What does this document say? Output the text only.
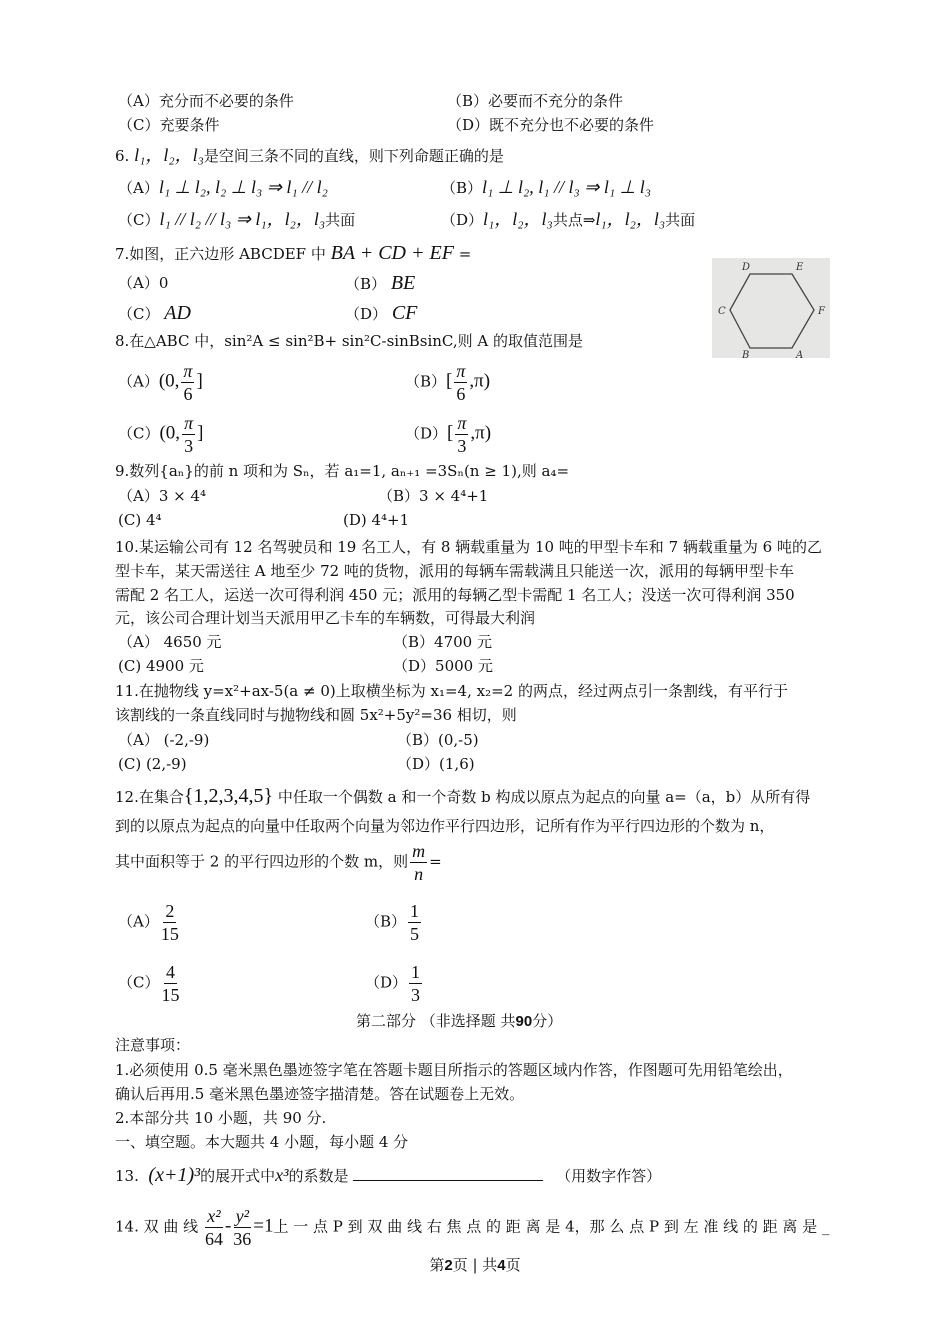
（A）充分而不必要的条件	（B）必要而不充分的条件
（C）充要条件	（D）既不充分也不必要的条件
6. l₁，l₂，l₃是空间三条不同的直线，则下列命题正确的是
（A）l₁ ⊥ l₂, l₂ ⊥ l₃ ⇒ l₁ // l₂	（B）l₁ ⊥ l₂, l₁ // l₃ ⇒ l₁ ⊥ l₃
（C）l₁ // l₂ // l₃ ⇒ l₁，l₂，l₃共面	（D）l₁，l₂，l₃共点⇒l₁，l₂，l₃共面
7.如图，正六边形 ABCDEF 中 BA + CD + EF =
（A）0	（B） BE
（C） AD	（D） CF
D	E
C	F
B	A
8.在△ABC 中，sin²A ≤ sin²B+ sin²C-sinBsinC,则 A 的取值范围是
（A）(0, $\frac{\pi}{6}$ ]	$(B)[ \frac{\pi}{6} ,\pi)$
（C）(0, $\frac{\pi}{3}$ ]	$(D)[ \frac{\pi}{3} ,\pi)$
9.数列{aₙ}的前 n 项和为 Sₙ，若 a₁=1, aₙ₊₁ =3Sₙ(n ≥ 1),则 a₄=
（A）3 × 4⁴	（B）3 × 4⁴+1
(C) 4⁴	(D) 4⁴+1
10.某运输公司有 12 名驾驶员和 19 名工人，有 8 辆载重量为 10 吨的甲型卡车和 7 辆载重量为 6 吨的乙
型卡车，某天需送往 A 地至少 72 吨的货物，派用的每辆车需载满且只能送一次，派用的每辆甲型卡车
需配 2 名工人，运送一次可得利润 450 元；派用的每辆乙型卡需配 1 名工人；没送一次可得利润 350
元，该公司合理计划当天派用甲乙卡车的车辆数，可得最大利润
（A） 4650 元	（B）4700 元
(C) 4900 元	（D）5000 元
11.在抛物线 y=x²+ax-5(a ≠ 0)上取横坐标为 x₁=4, x₂=2 的两点，经过两点引一条割线，有平行于
该割线的一条直线同时与抛物线和圆 5x²+5y²=36 相切，则
（A） (-2,-9)	（B）(0,-5)
(C) (2,-9)	（D）(1,6)
12.在集合{1,2,3,4,5} 中任取一个偶数 a 和一个奇数 b 构成以原点为起点的向量 a=（a，b）从所有得
到的以原点为起点的向量中任取两个向量为邻边作平行四边形，记所有作为平行四边形的个数为 n，
其中面积等于 2 的平行四边形的个数 m，则 $\frac{m}{n}$ =
$(A) \frac{2}{15}$	$(B) \frac{1}{5}$
$(C) \frac{4}{15}$	$(D) \frac{1}{3}$
第二部分 （非选择题 共90分）
注意事项：
1.必须使用 0.5 毫米黑色墨迹签字笔在答题卡题目所指示的答题区域内作答，作图题可先用铅笔绘出，
确认后再用.5 毫米黑色墨迹签字描清楚。答在试题卷上无效。
2.本部分共 10 小题，共 90 分.
一、填空题。本大题共 4 小题，每小题 4 分
13. (x+1)³的展开式中x³的系数是	（用数字作答）
14. 双 曲 线 $\frac{\text{x²}}{64} - \frac{\text{y²}}{36} =1$上 一 点 P 到 双 曲 线 右 焦 点 的 距 离 是 4，那 么 点 P 到 左 准 线 的 距 离 是 _
第2页 | 共4页
